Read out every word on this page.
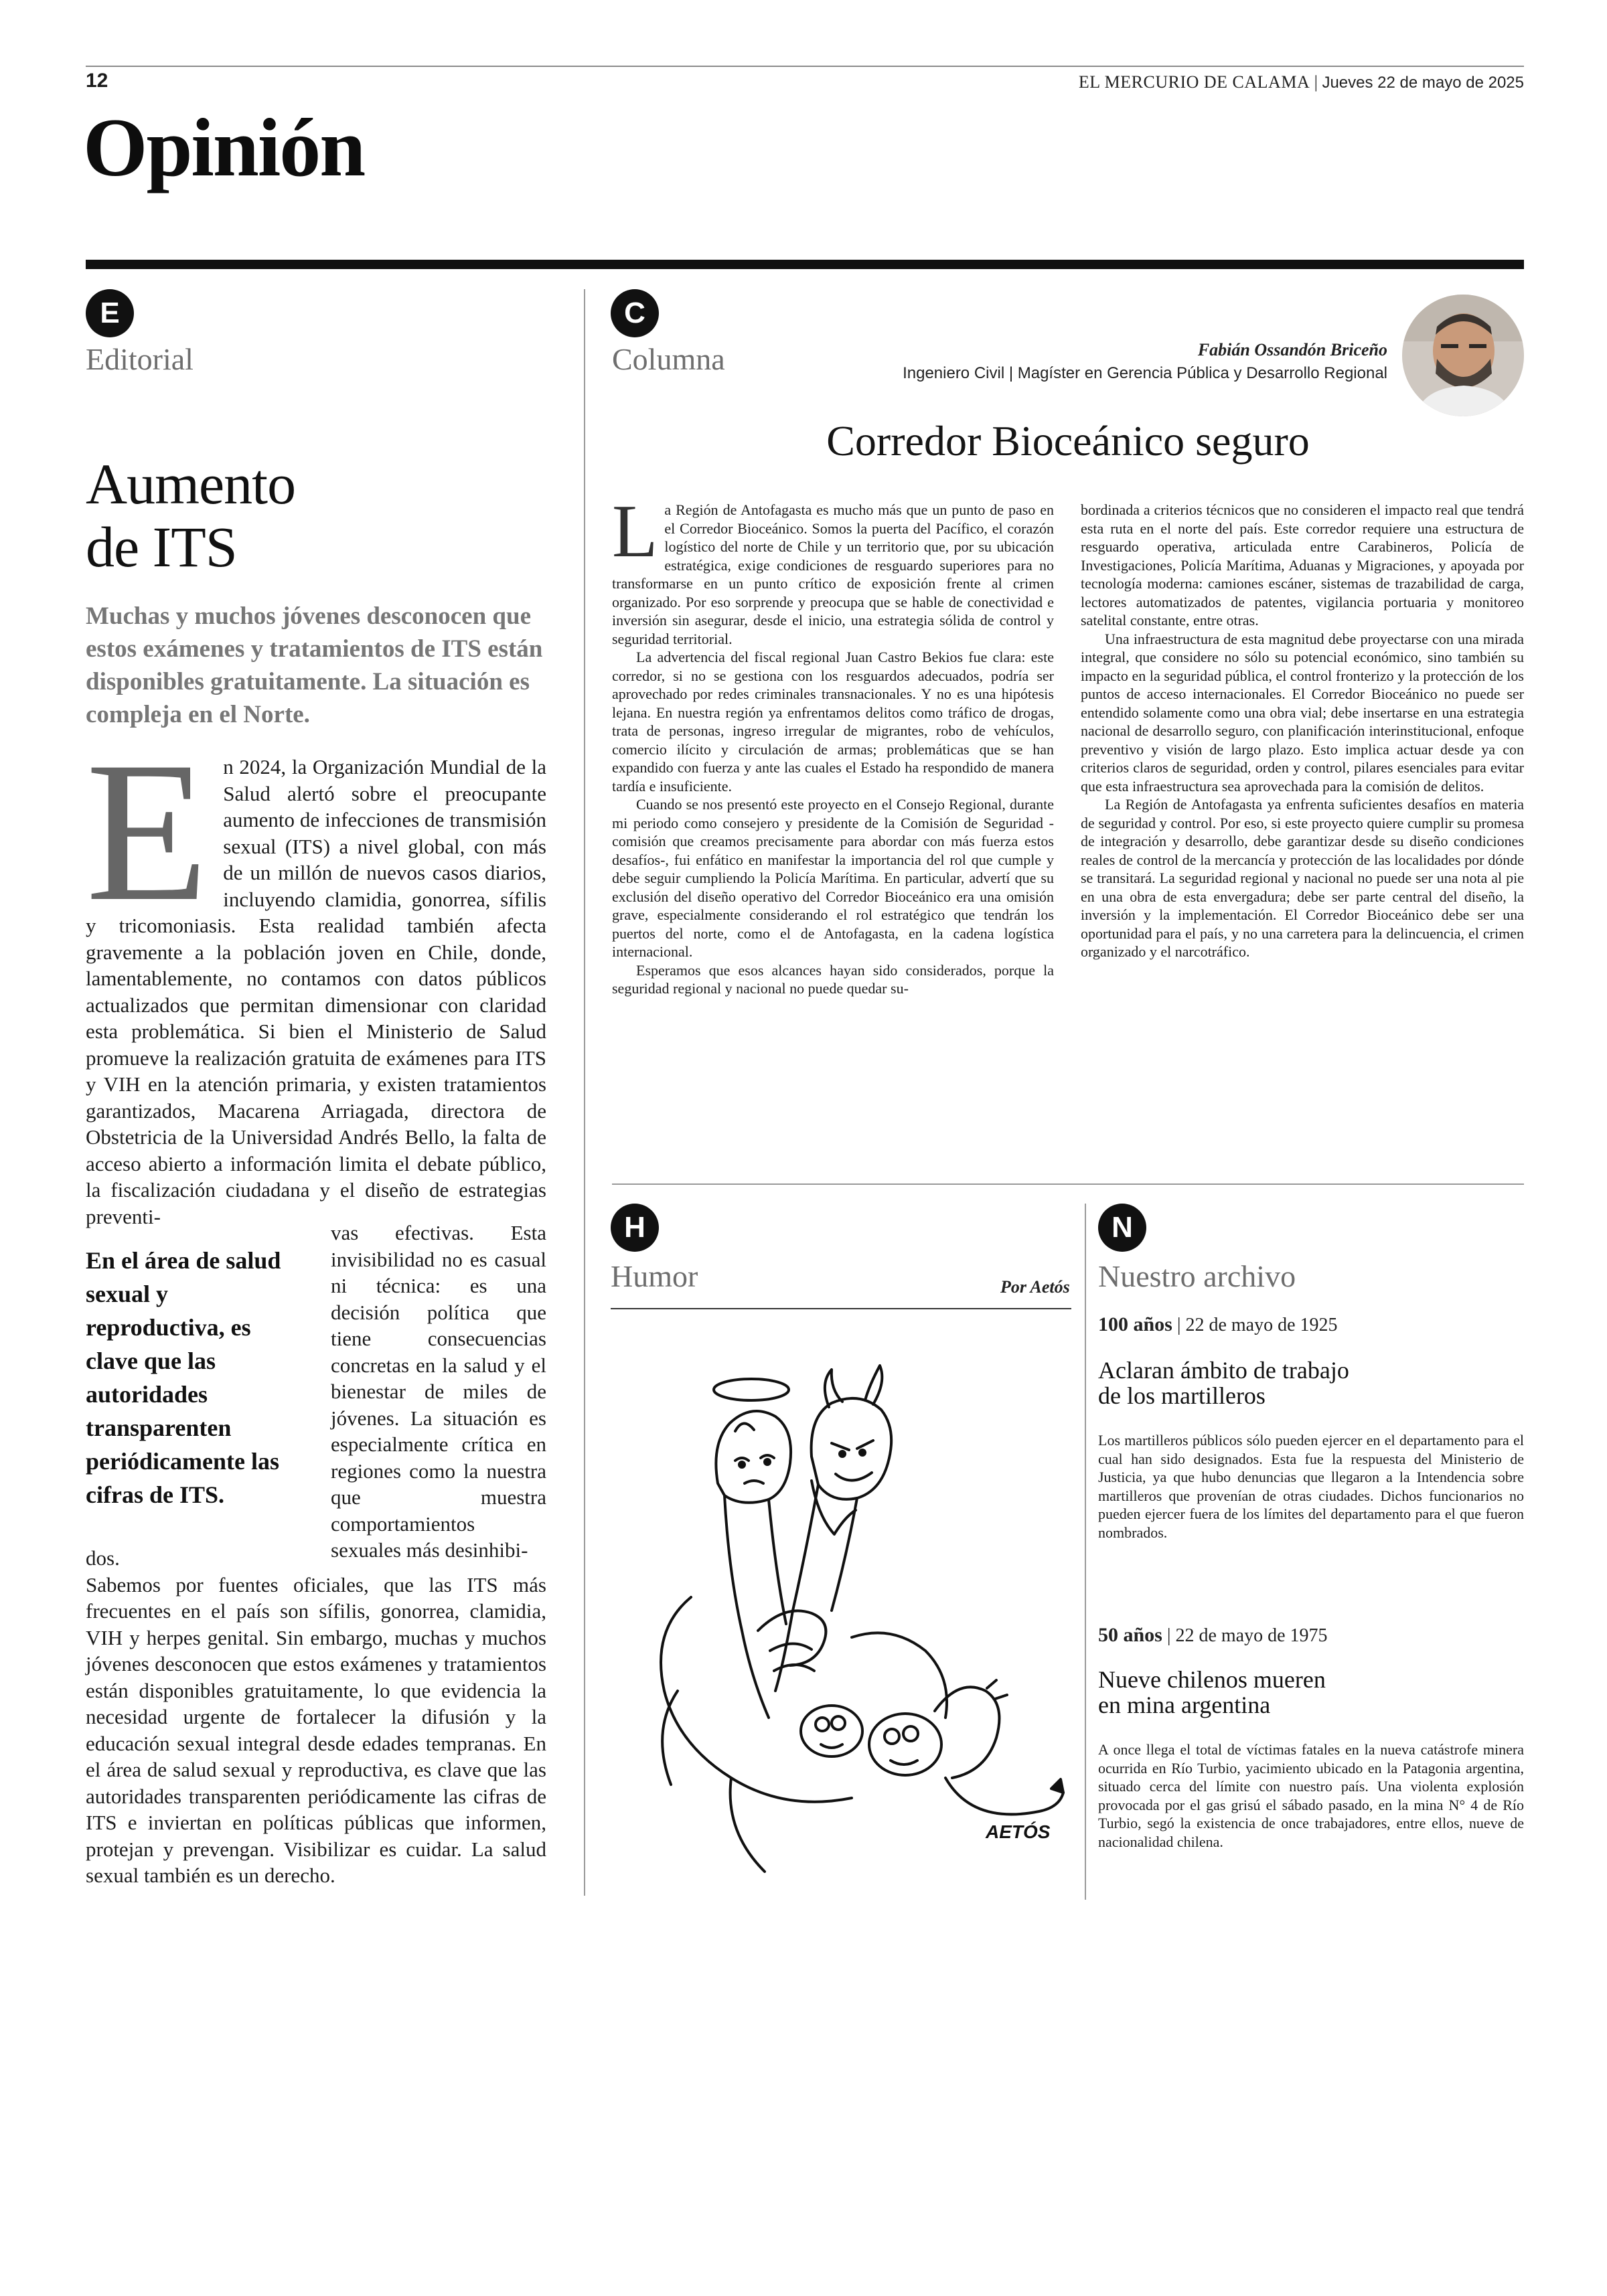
12	EL MERCURIO DE CALAMA | Jueves 22 de mayo de 2025
Opinión
E
Editorial
Aumento
de ITS
Muchas y muchos jóvenes desconocen que estos exámenes y tratamientos de ITS están disponibles gratuitamente. La situación es compleja en el Norte.
En 2024, la Organización Mundial de la Salud alertó sobre el preocupante aumento de infecciones de transmisión sexual (ITS) a nivel global, con más de un millón de nuevos casos diarios, incluyendo clamidia, gonorrea, sífilis y tricomoniasis. Esta realidad también afecta gravemente a la población joven en Chile, donde, lamentablemente, no contamos con datos públicos actualizados que permitan dimensionar con claridad esta problemática. Si bien el Ministerio de Salud promueve la realización gratuita de exámenes para ITS y VIH en la atención primaria, y existen tratamientos garantizados, Macarena Arriagada, directora de Obstetricia de la Universidad Andrés Bello, la falta de acceso abierto a información limita el debate público, la fiscalización ciudadana y el diseño de estrategias preventi-
En el área de salud sexual y reproductiva, es clave que las autoridades transparenten periódicamente las cifras de ITS.
vas efectivas. Esta invisibilidad no es casual ni técnica: es una decisión política que tiene consecuencias concretas en la salud y el bienestar de miles de jóvenes. La situación es especialmente crítica en regiones como la nuestra que muestra comportamientos sexuales más desinhibi-

dos.

Sabemos por fuentes oficiales, que las ITS más frecuentes en el país son sífilis, gonorrea, clamidia, VIH y herpes genital. Sin embargo, muchas y muchos jóvenes desconocen que estos exámenes y tratamientos están disponibles gratuitamente, lo que evidencia la necesidad urgente de fortalecer la difusión y la educación sexual integral desde edades tempranas. En el área de salud sexual y reproductiva, es clave que las autoridades transparenten periódicamente las cifras de ITS e inviertan en políticas públicas que informen, protejan y prevengan. Visibilizar es cuidar. La salud sexual también es un derecho.

C
Columna	Fabián Ossandón Briceño
Ingeniero Civil | Magíster en Gerencia Pública y Desarrollo Regional
Corredor Bioceánico seguro

La Región de Antofagasta es mucho más que un punto de paso en el Corredor Bioceánico. Somos la puerta del Pacífico, el corazón logístico del norte de Chile y un territorio que, por su ubicación estratégica, exige condiciones de resguardo superiores para no transformarse en un punto crítico de exposición frente al crimen organizado. Por eso sorprende y preocupa que se hable de conectividad e inversión sin asegurar, desde el inicio, una estrategia sólida de control y seguridad territorial.

La advertencia del fiscal regional Juan Castro Bekios fue clara: este corredor, si no se gestiona con los resguardos adecuados, podría ser aprovechado por redes criminales transnacionales. Y no es una hipótesis lejana. En nuestra región ya enfrentamos delitos como tráfico de drogas, trata de personas, ingreso irregular de migrantes, robo de vehículos, comercio ilícito y circulación de armas; problemáticas que se han expandido con fuerza y ante las cuales el Estado ha respondido de manera tardía e insuficiente.

Cuando se nos presentó este proyecto en el Consejo Regional, durante mi periodo como consejero y presidente de la Comisión de Seguridad -comisión que creamos precisamente para abordar con más fuerza estos desafíos-, fui enfático en manifestar la importancia del rol que cumple y debe seguir cumpliendo la Policía Marítima. En particular, advertí que su exclusión del diseño operativo del Corredor Bioceánico era una omisión grave, especialmente considerando el rol estratégico que tendrán los puertos del norte, como el de Antofagasta, en la cadena logística internacional.

Esperamos que esos alcances hayan sido considerados, porque la seguridad regional y nacional no puede quedar su-

bordinada a criterios técnicos que no consideren el impacto real que tendrá esta ruta en el norte del país. Este corredor requiere una estructura de resguardo operativa, articulada entre Carabineros, Policía de Investigaciones, Policía Marítima, Aduanas y Migraciones, y apoyada por tecnología moderna: camiones escáner, sistemas de trazabilidad de carga, lectores automatizados de patentes, vigilancia portuaria y monitoreo satelital constante, entre otras.

Una infraestructura de esta magnitud debe proyectarse con una mirada integral, que considere no sólo su potencial económico, sino también su impacto en la seguridad pública, el control fronterizo y la protección de los puntos de acceso internacionales. El Corredor Bioceánico no puede ser entendido solamente como una obra vial; debe insertarse en una estrategia nacional de desarrollo seguro, con planificación interinstitucional, enfoque preventivo y visión de largo plazo. Esto implica actuar desde ya con criterios claros de seguridad, orden y control, pilares esenciales para evitar que esta infraestructura sea aprovechada para la comisión de delitos.

La Región de Antofagasta ya enfrenta suficientes desafíos en materia de seguridad y control. Por eso, si este proyecto quiere cumplir su promesa de integración y desarrollo, debe garantizar desde su diseño condiciones reales de control de la mercancía y protección de las localidades por dónde se transitará. La seguridad regional y nacional no puede ser una nota al pie en una obra de esta envergadura; debe ser parte central del diseño, la inversión y la implementación. El Corredor Bioceánico debe ser una oportunidad para el país, y no una carretera para la delincuencia, el crimen organizado y el narcotráfico.

H
Humor	Por Aetós
AETÓS
N
Nuestro archivo
100 años | 22 de mayo de 1925
Aclaran ámbito de trabajo
de los martilleros
Los martilleros públicos sólo pueden ejercer en el departamento para el cual han sido designados. Esta fue la respuesta del Ministerio de Justicia, ya que hubo denuncias que llegaron a la Intendencia sobre martilleros que provenían de otras ciudades. Dichos funcionarios no pueden ejercer fuera de los límites del departamento para el que fueron nombrados.
50 años | 22 de mayo de 1975
Nueve chilenos mueren
en mina argentina
A once llega el total de víctimas fatales en la nueva catástrofe minera ocurrida en Río Turbio, yacimiento ubicado en la Patagonia argentina, situado cerca del límite con nuestro país. Una violenta explosión provocada por el gas grisú el sábado pasado, en la mina N° 4 de Río Turbio, segó la existencia de once trabajadores, entre ellos, nueve de nacionalidad chilena.
